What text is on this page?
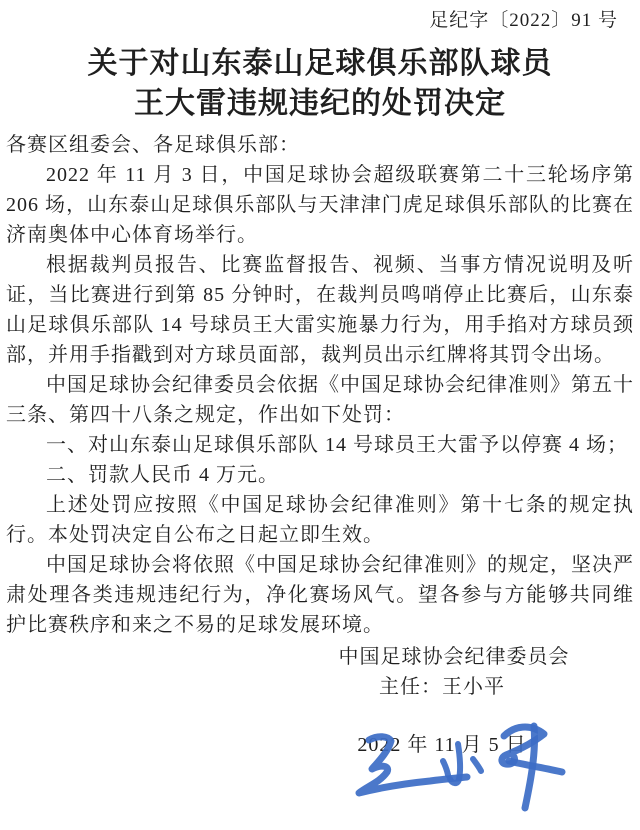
足纪字〔2022〕91 号
关于对山东泰山足球俱乐部队球员
王大雷违规违纪的处罚决定

各赛区组委会、各足球俱乐部：

2022 年 11 月 3 日，中国足球协会超级联赛第二十三轮场序第 206 场，山东泰山足球俱乐部队与天津津门虎足球俱乐部队的比赛在济南奥体中心体育场举行。

根据裁判员报告、比赛监督报告、视频、当事方情况说明及听证，当比赛进行到第 85 分钟时，在裁判员鸣哨停止比赛后，山东泰山足球俱乐部队 14 号球员王大雷实施暴力行为，用手掐对方球员颈部，并用手指戳到对方球员面部，裁判员出示红牌将其罚令出场。

中国足球协会纪律委员会依据《中国足球协会纪律准则》第五十三条、第四十八条之规定，作出如下处罚：

一、对山东泰山足球俱乐部队 14 号球员王大雷予以停赛 4 场；

二、罚款人民币 4 万元。

上述处罚应按照《中国足球协会纪律准则》第十七条的规定执行。本处罚决定自公布之日起立即生效。

中国足球协会将依照《中国足球协会纪律准则》的规定，坚决严肃处理各类违规违纪行为，净化赛场风气。望各参与方能够共同维护比赛秩序和来之不易的足球发展环境。

中国足球协会纪律委员会
主任：王小平
2022 年 11 月 5 日
